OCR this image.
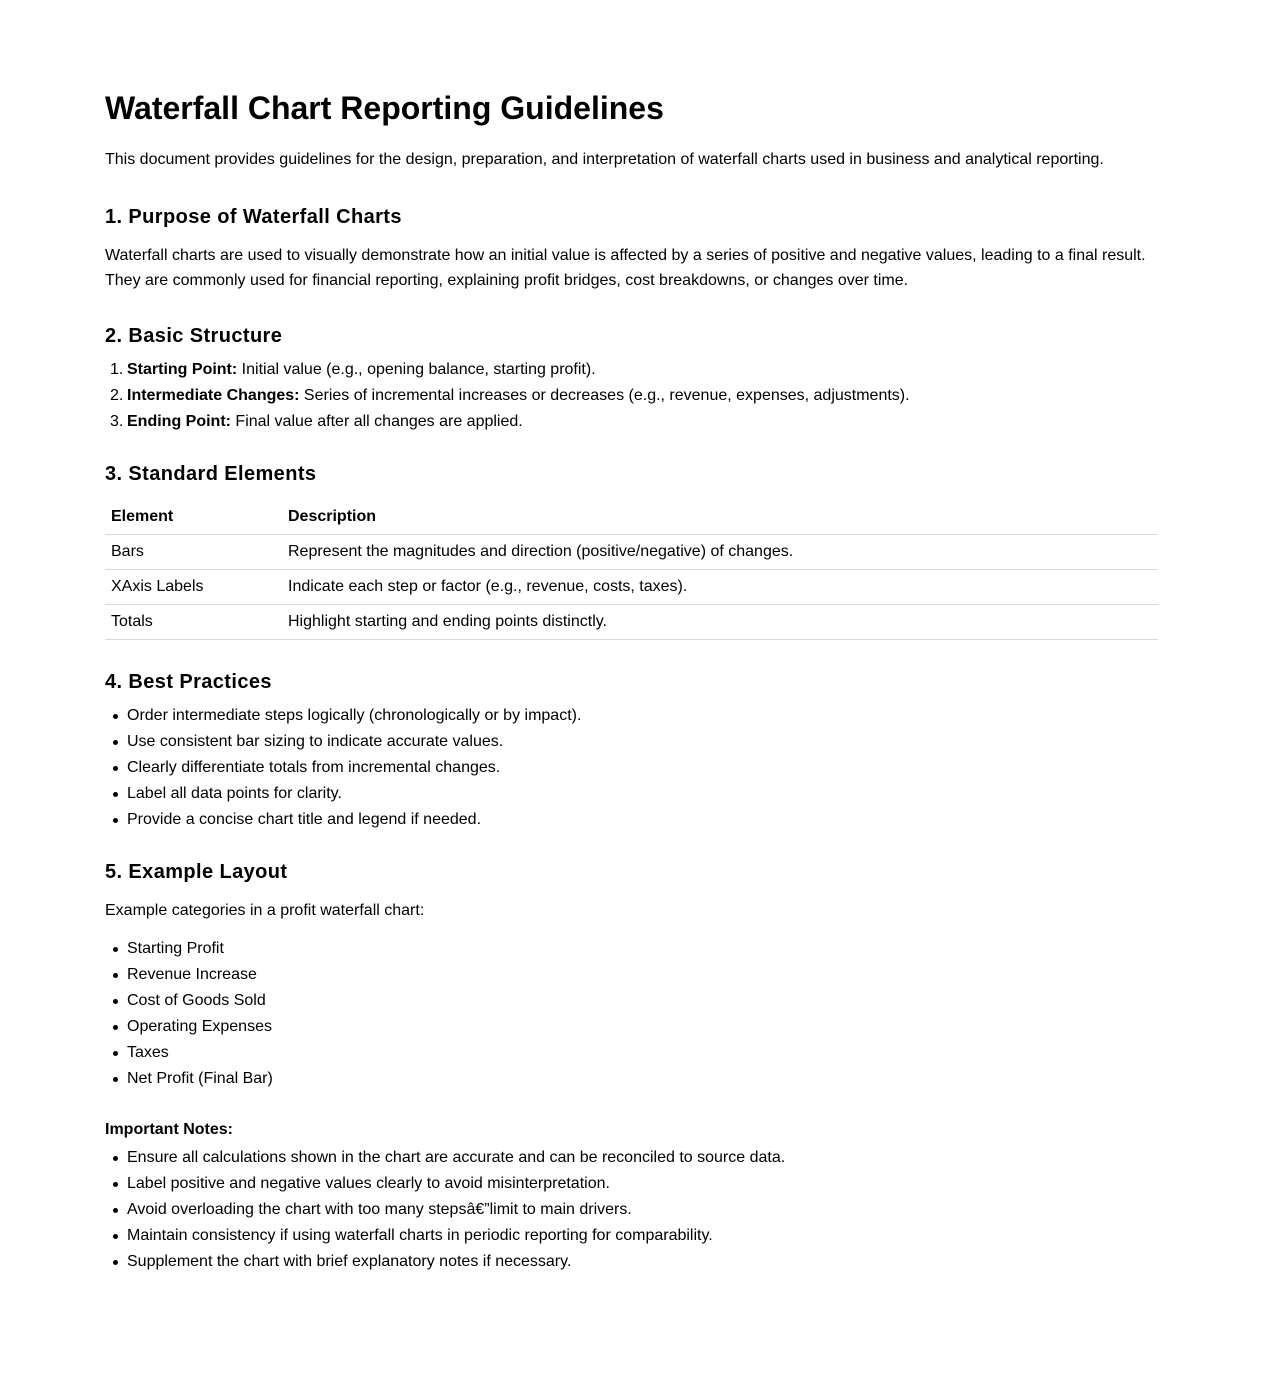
Waterfall Chart Reporting Guidelines
This document provides guidelines for the design, preparation, and interpretation of waterfall charts used in business and analytical reporting.
1. Purpose of Waterfall Charts
Waterfall charts are used to visually demonstrate how an initial value is affected by a series of positive and negative values, leading to a final result.
They are commonly used for financial reporting, explaining profit bridges, cost breakdowns, or changes over time.
2. Basic Structure
1. Starting Point: Initial value (e.g., opening balance, starting profit).
2. Intermediate Changes: Series of incremental increases or decreases (e.g., revenue, expenses, adjustments).
3. Ending Point: Final value after all changes are applied.
3. Standard Elements
Element	Description
Bars	Represent the magnitudes and direction (positive/negative) of changes.
XAxis Labels	Indicate each step or factor (e.g., revenue, costs, taxes).
Totals	Highlight starting and ending points distinctly.
4. Best Practices
Order intermediate steps logically (chronologically or by impact).
Use consistent bar sizing to indicate accurate values.
Clearly differentiate totals from incremental changes.
Label all data points for clarity.
Provide a concise chart title and legend if needed.
5. Example Layout
Example categories in a profit waterfall chart:
Starting Profit
Revenue Increase
Cost of Goods Sold
Operating Expenses
Taxes
Net Profit (Final Bar)
Important Notes:
Ensure all calculations shown in the chart are accurate and can be reconciled to source data.
Label positive and negative values clearly to avoid misinterpretation.
Avoid overloading the chart with too many stepsâ€”limit to main drivers.
Maintain consistency if using waterfall charts in periodic reporting for comparability.
Supplement the chart with brief explanatory notes if necessary.
